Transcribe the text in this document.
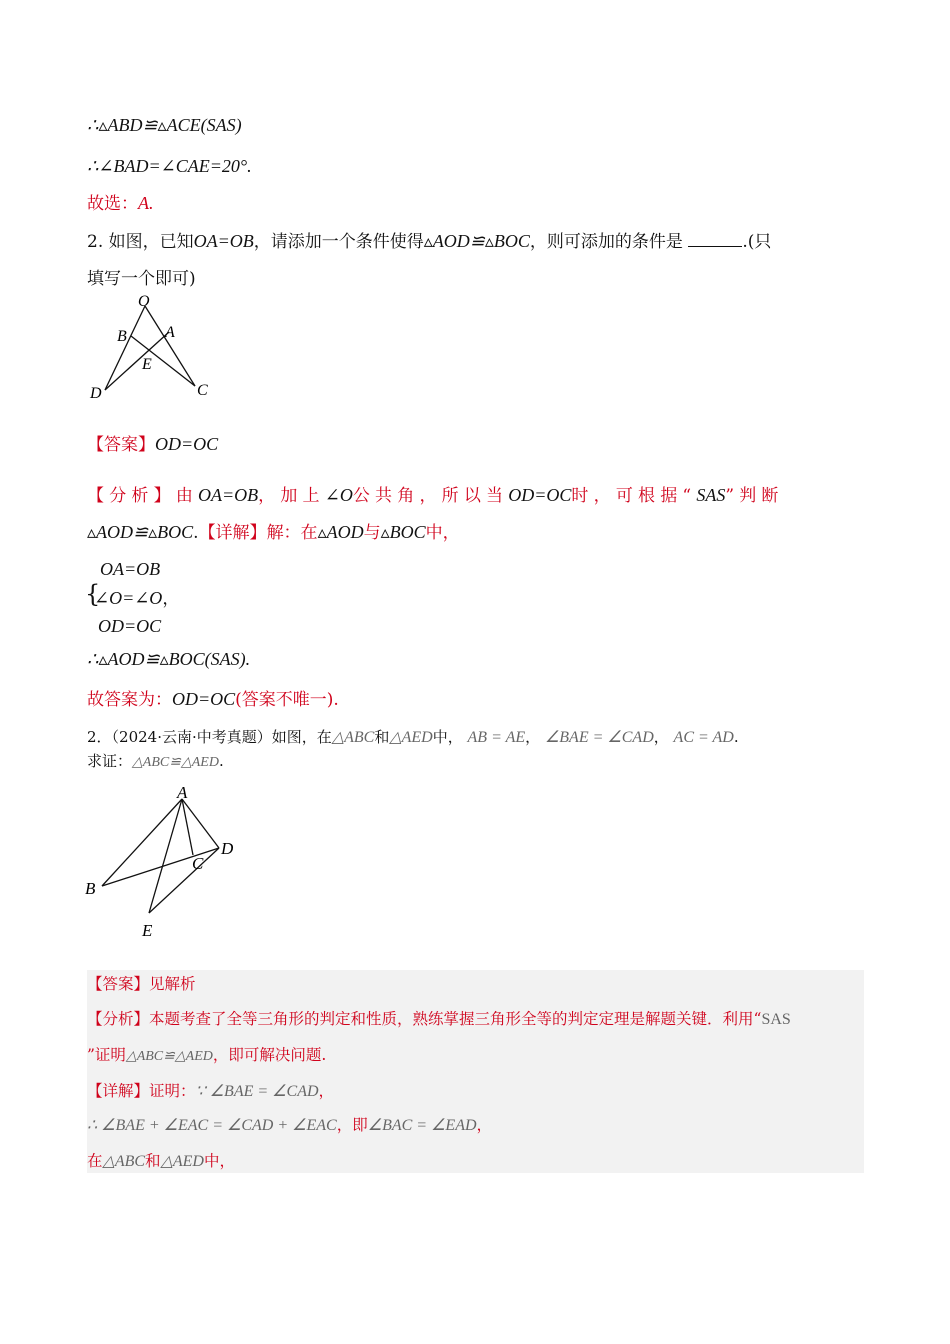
∴▵ABD≌▵ACE(SAS)
∴∠BAD=∠CAE=20°.
故选：A.
2. 如图，已知OA=OB，请添加一个条件使得▵AOD≌▵BOC，则可添加的条件是	.(只
填写一个即可)
O
B A
E
D	C
【答案】OD=OC
【分析】由OA=OB，加上∠O公共角，所以当OD=OC时，可根据“SAS”判断
▵AOD≌▵BOC.【详解】解：在▵AOD与▵BOC中，
{
OA=OB
∠O=∠O，
OD=OC
∴▵AOD≌▵BOC(SAS).
故答案为：OD=OC(答案不唯一).
2．（2024·云南·中考真题）如图，在△ABC和△AED中， AB = AE， ∠BAE = ∠CAD， AC = AD.
求证：△ABC≌△AED.
A
D
C
B
E
【答案】见解析
【分析】本题考查了全等三角形的判定和性质，熟练掌握三角形全等的判定定理是解题关键．利用“SAS
”证明△ABC≌△AED，即可解决问题.
【详解】证明：∵ ∠BAE = ∠CAD，
∴ ∠BAE + ∠EAC = ∠CAD + ∠EAC，即∠BAC = ∠EAD，
在△ABC和△AED中，
